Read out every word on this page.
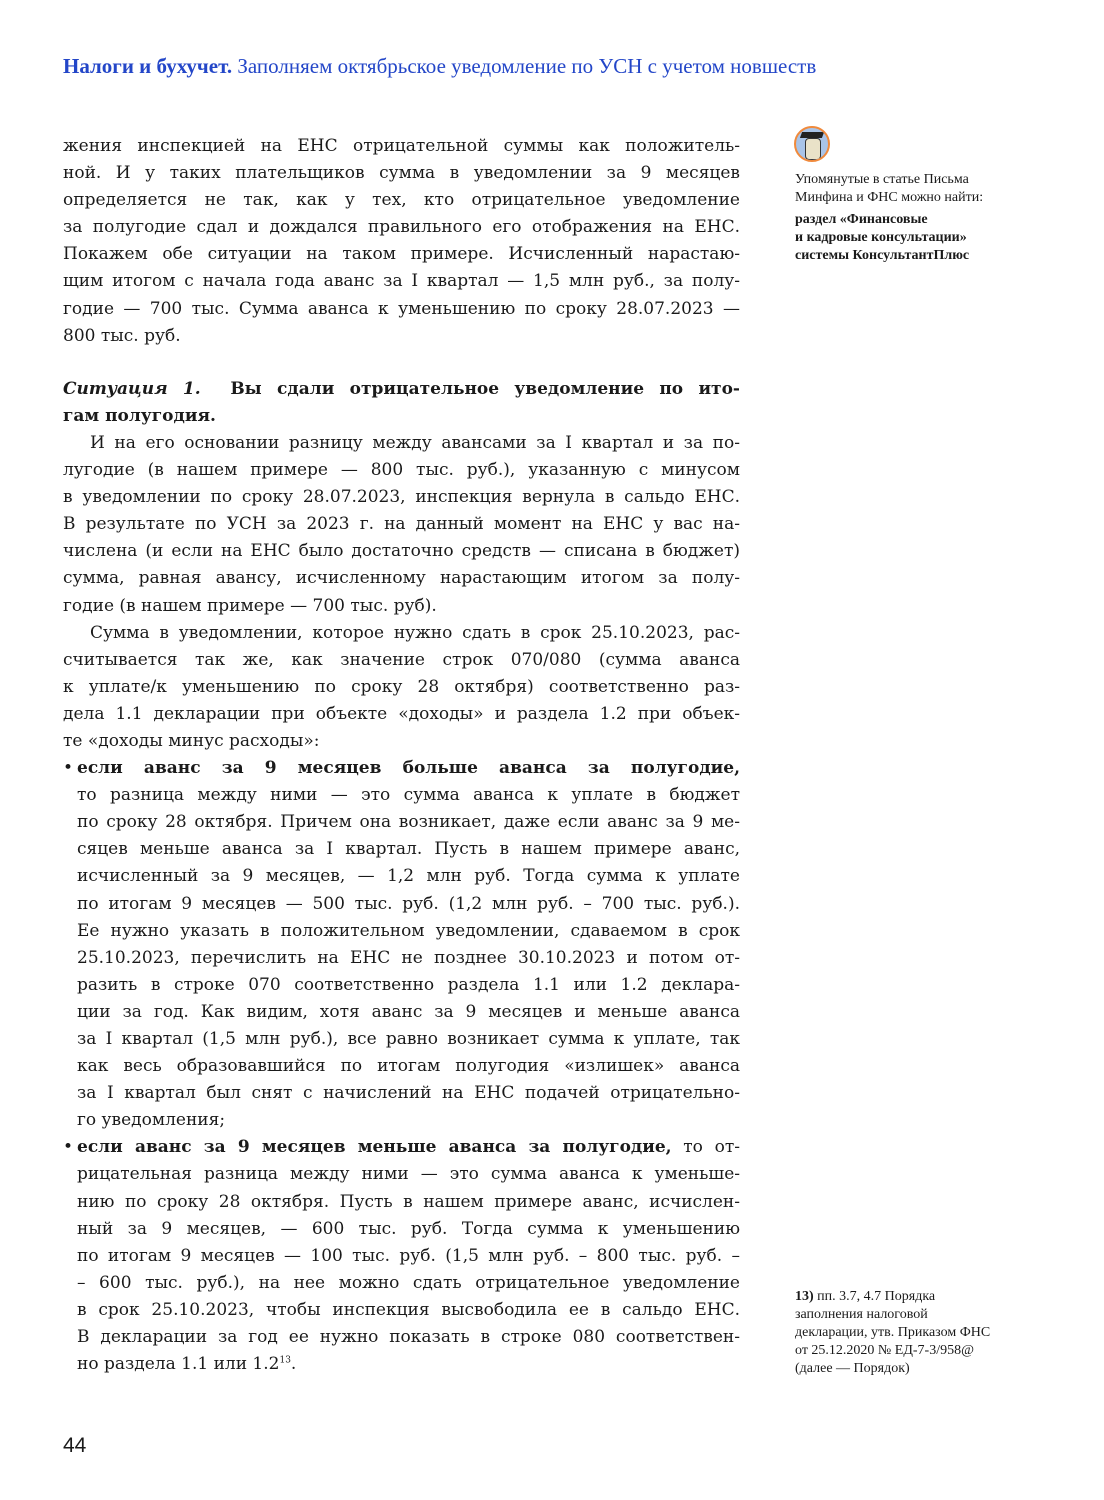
Налоги и бухучет. Заполняем октябрьское уведомление по УСН с учетом новшеств
жения инспекцией на ЕНС отрицательной суммы как положитель-
ной. И у таких плательщиков сумма в уведомлении за 9 месяцев
определяется не так, как у тех, кто отрицательное уведомление
за полугодие сдал и дождался правильного его отображения на ЕНС.
Покажем обе ситуации на таком примере. Исчисленный нарастаю-
щим итогом с начала года аванс за I квартал — 1,5 млн руб., за полу-
годие — 700 тыс. Сумма аванса к уменьшению по сроку 28.07.2023 —
800 тыс. руб.
Ситуация 1. Вы сдали отрицательное уведомление по ито-
гам полугодия.
И на его основании разницу между авансами за I квартал и за по-
лугодие (в нашем примере — 800 тыс. руб.), указанную с минусом
в уведомлении по сроку 28.07.2023, инспекция вернула в сальдо ЕНС.
В результате по УСН за 2023 г. на данный момент на ЕНС у вас на-
числена (и если на ЕНС было достаточно средств — списана в бюджет)
сумма, равная авансу, исчисленному нарастающим итогом за полу-
годие (в нашем примере — 700 тыс. руб).
Сумма в уведомлении, которое нужно сдать в срок 25.10.2023, рас-
считывается так же, как значение строк 070/080 (сумма аванса
к уплате/к уменьшению по сроку 28 октября) соответственно раз-
дела 1.1 декларации при объекте «доходы» и раздела 1.2 при объек-
те «доходы минус расходы»:
• если аванс за 9 месяцев больше аванса за полугодие,
то разница между ними — это сумма аванса к уплате в бюджет
по сроку 28 октября. Причем она возникает, даже если аванс за 9 ме-
сяцев меньше аванса за I квартал. Пусть в нашем примере аванс,
исчисленный за 9 месяцев, — 1,2 млн руб. Тогда сумма к уплате
по итогам 9 месяцев — 500 тыс. руб. (1,2 млн руб. – 700 тыс. руб.).
Ее нужно указать в положительном уведомлении, сдаваемом в срок
25.10.2023, перечислить на ЕНС не позднее 30.10.2023 и потом от-
разить в строке 070 соответственно раздела 1.1 или 1.2 деклара-
ции за год. Как видим, хотя аванс за 9 месяцев и меньше аванса
за I квартал (1,5 млн руб.), все равно возникает сумма к уплате, так
как весь образовавшийся по итогам полугодия «излишек» аванса
за I квартал был снят с начислений на ЕНС подачей отрицательно-
го уведомления;
• если аванс за 9 месяцев меньше аванса за полугодие, то от-
рицательная разница между ними — это сумма аванса к уменьше-
нию по сроку 28 октября. Пусть в нашем примере аванс, исчислен-
ный за 9 месяцев, — 600 тыс. руб. Тогда сумма к уменьшению
по итогам 9 месяцев — 100 тыс. руб. (1,5 млн руб. – 800 тыс. руб. –
– 600 тыс. руб.), на нее можно сдать отрицательное уведомление
в срок 25.10.2023, чтобы инспекция высвободила ее в сальдо ЕНС.
В декларации за год ее нужно показать в строке 080 соответствен-
но раздела 1.1 или $1.2^{13}$.
Упомянутые в статье Письма
Минфина и ФНС можно найти:
раздел «Финансовые
и кадровые консультации»
системы КонсультантПлюс
13) пп. 3.7, 4.7 Порядка
заполнения налоговой
декларации, утв. Приказом ФНС
от 25.12.2020 № ЕД-7-3/958@
(далее — Порядок)
44
